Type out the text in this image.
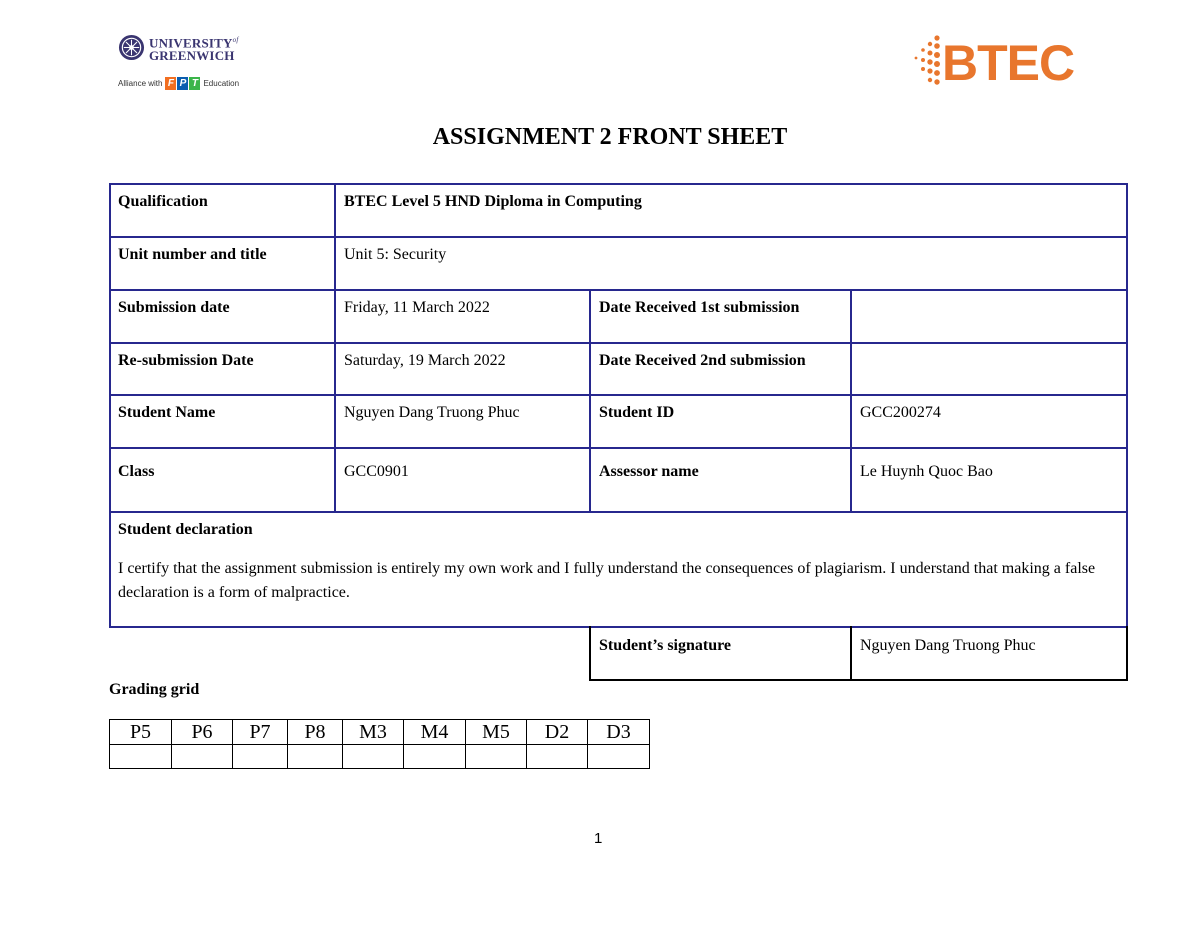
$UNIVERSITY^{of}$
GREENWICH
Alliance with F P T Education	BTEC
ASSIGNMENT 2 FRONT SHEET
Qualification	BTEC Level 5 HND Diploma in Computing
Unit number and title	Unit 5: Security
Submission date	Friday, 11 March 2022	Date Received 1st submission
Re-submission Date	Saturday, 19 March 2022	Date Received 2nd submission
Student Name	Nguyen Dang Truong Phuc	Student ID	GCC200274
Class	GCC0901	Assessor name	Le Huynh Quoc Bao
Student declaration
I certify that the assignment submission is entirely my own work and I fully understand the consequences of plagiarism. I understand that making a false declaration is a form of malpractice.
Student’s signature	Nguyen Dang Truong Phuc
Grading grid
P5	P6	P7	P8	M3	M4	M5	D2	D3

1
